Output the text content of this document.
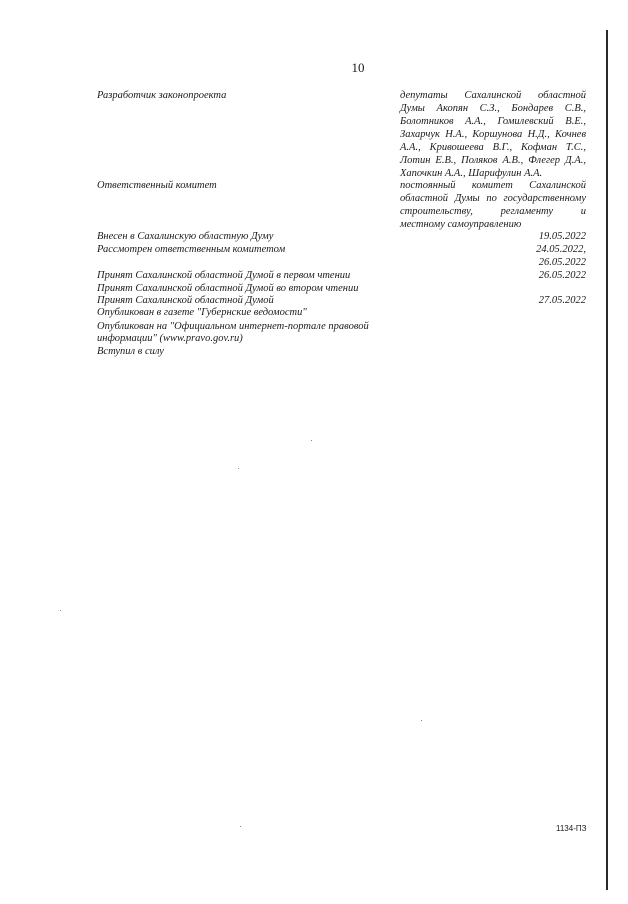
10
Разработчик законопроекта	депутаты Сахалинской областной
Думы Акопян С.З., Бондарев С.В.,
Болотников А.А., Гомилевский В.Е.,
Захарчук Н.А., Коршунова Н.Д., Кочнев
А.А., Кривошеева В.Г., Кофман Т.С.,
Лотин Е.В., Поляков А.В., Флегер Д.А.,
Хапочкин А.А., Шарифулин А.А.
Ответственный комитет	постоянный комитет Сахалинской
областной Думы по государственному
строительству, регламенту и
местному самоуправлению
Внесен в Сахалинскую областную Думу	19.05.2022
Рассмотрен ответственным комитетом	24.05.2022,
26.05.2022
Принят Сахалинской областной Думой в первом чтении	26.05.2022
Принят Сахалинской областной Думой во втором чтении
Принят Сахалинской областной Думой	27.05.2022
Опубликован в газете "Губернские ведомости"
Опубликован на "Официальном интернет-портале правовой
информации" (www.pravo.gov.ru)
Вступил в силу
1134-ПЗ
